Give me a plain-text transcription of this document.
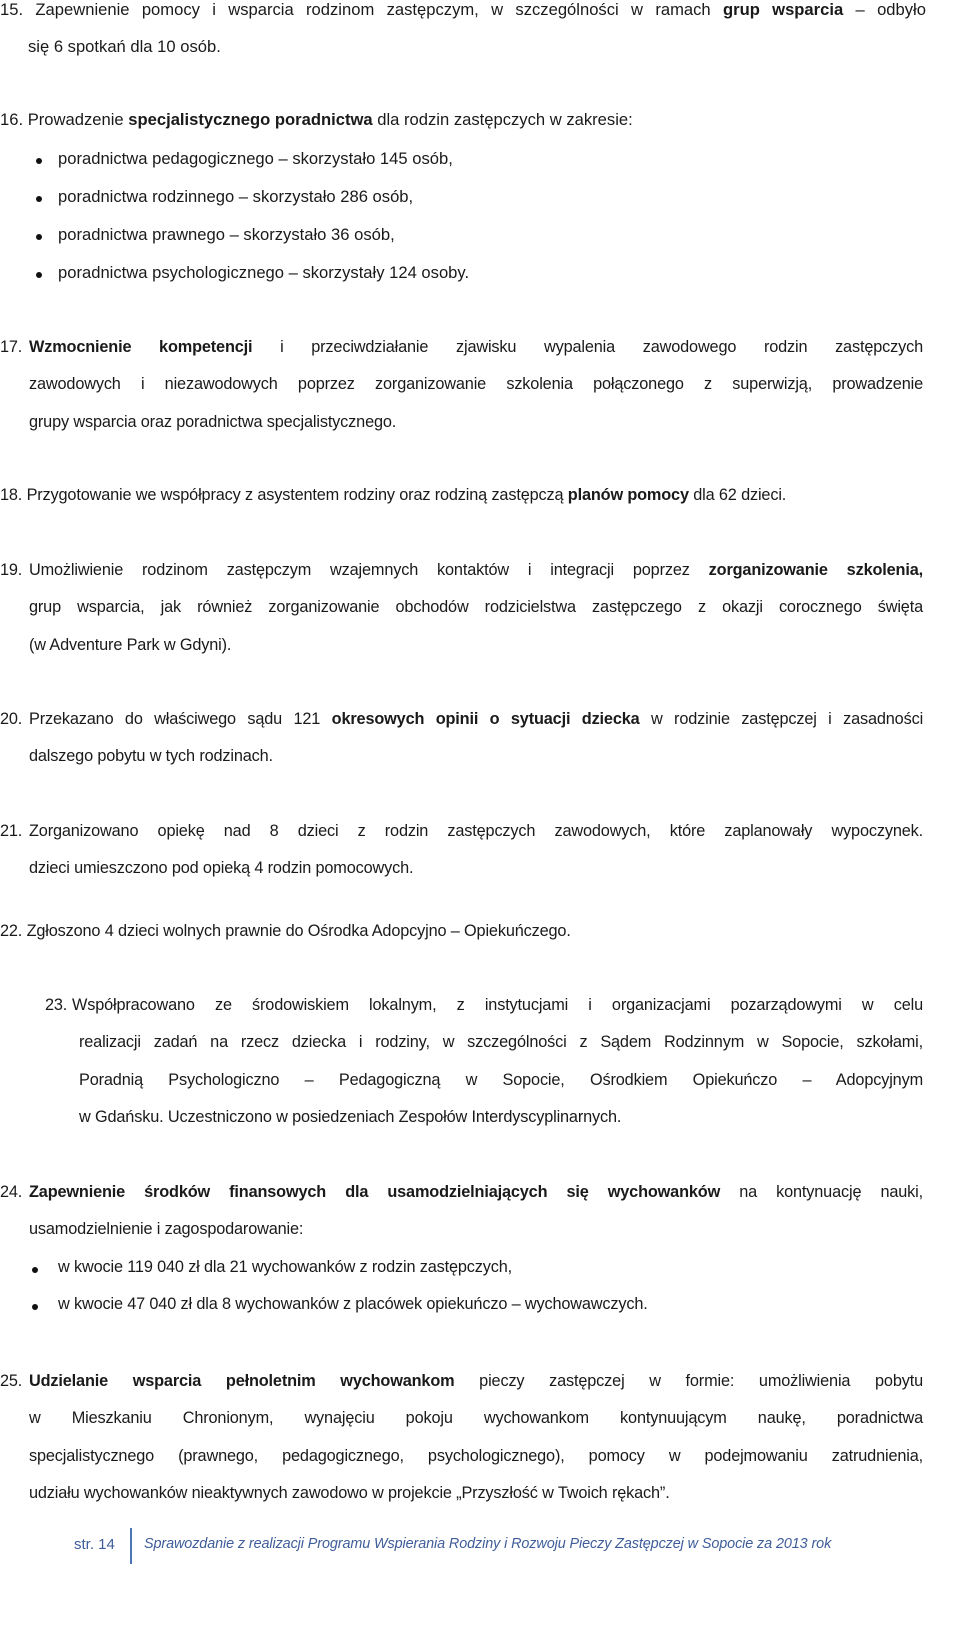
15. Zapewnienie pomocy i wsparcia rodzinom zastępczym, w szczególności w ramach grup wsparcia – odbyło
się 6 spotkań dla 10 osób.
16. Prowadzenie specjalistycznego poradnictwa dla rodzin zastępczych w zakresie:
poradnictwa pedagogicznego – skorzystało 145 osób,
poradnictwa rodzinnego – skorzystało 286 osób,
poradnictwa prawnego – skorzystało 36 osób,
poradnictwa psychologicznego – skorzystały 124 osoby.
17. Wzmocnienie kompetencji i przeciwdziałanie zjawisku wypalenia zawodowego rodzin zastępczych
zawodowych i niezawodowych poprzez zorganizowanie szkolenia połączonego z superwizją, prowadzenie
grupy wsparcia oraz poradnictwa specjalistycznego.
18. Przygotowanie we współpracy z asystentem rodziny oraz rodziną zastępczą planów pomocy dla 62 dzieci.
19. Umożliwienie rodzinom zastępczym wzajemnych kontaktów i integracji poprzez zorganizowanie szkolenia,
grup wsparcia, jak również zorganizowanie obchodów rodzicielstwa zastępczego z okazji corocznego święta
(w Adventure Park w Gdyni).
20. Przekazano do właściwego sądu 121 okresowych opinii o sytuacji dziecka w rodzinie zastępczej i zasadności
dalszego pobytu w tych rodzinach.
21. Zorganizowano opiekę nad 8 dzieci z rodzin zastępczych zawodowych, które zaplanowały wypoczynek.
dzieci umieszczono pod opieką 4 rodzin pomocowych.
22. Zgłoszono 4 dzieci wolnych prawnie do Ośrodka Adopcyjno – Opiekuńczego.
23. Współpracowano ze środowiskiem lokalnym, z instytucjami i organizacjami pozarządowymi w celu
realizacji zadań na rzecz dziecka i rodziny, w szczególności z Sądem Rodzinnym w Sopocie, szkołami,
Poradnią Psychologiczno – Pedagogiczną w Sopocie, Ośrodkiem Opiekuńczo – Adopcyjnym
w Gdańsku. Uczestniczono w posiedzeniach Zespołów Interdyscyplinarnych.
24. Zapewnienie środków finansowych dla usamodzielniających się wychowanków na kontynuację nauki,
usamodzielnienie i zagospodarowanie:
w kwocie 119 040 zł dla 21 wychowanków z rodzin zastępczych,
w kwocie 47 040 zł dla 8 wychowanków z placówek opiekuńczo – wychowawczych.
25. Udzielanie wsparcia pełnoletnim wychowankom pieczy zastępczej w formie: umożliwienia pobytu
w Mieszkaniu Chronionym, wynajęciu pokoju wychowankom kontynuującym naukę, poradnictwa
specjalistycznego (prawnego, pedagogicznego, psychologicznego), pomocy w podejmowaniu zatrudnienia,
udziału wychowanków nieaktywnych zawodowo w projekcie „Przyszłość w Twoich rękach”.
str. 14 Sprawozdanie z realizacji Programu Wspierania Rodziny i Rozwoju Pieczy Zastępczej w Sopocie za 2013 rok
